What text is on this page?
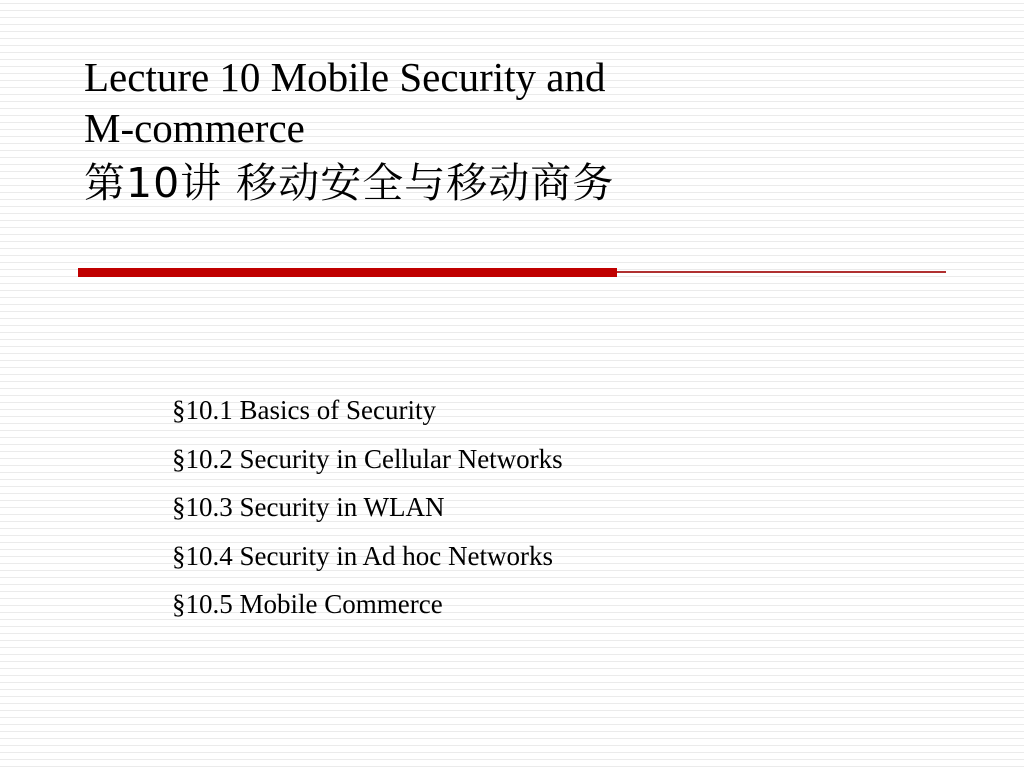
Lecture 10 Mobile Security and
M-commerce
第10讲 移动安全与移动商务
§10.1 Basics of Security
§10.2 Security in Cellular Networks
§10.3 Security in WLAN
§10.4 Security in Ad hoc Networks
§10.5 Mobile Commerce
